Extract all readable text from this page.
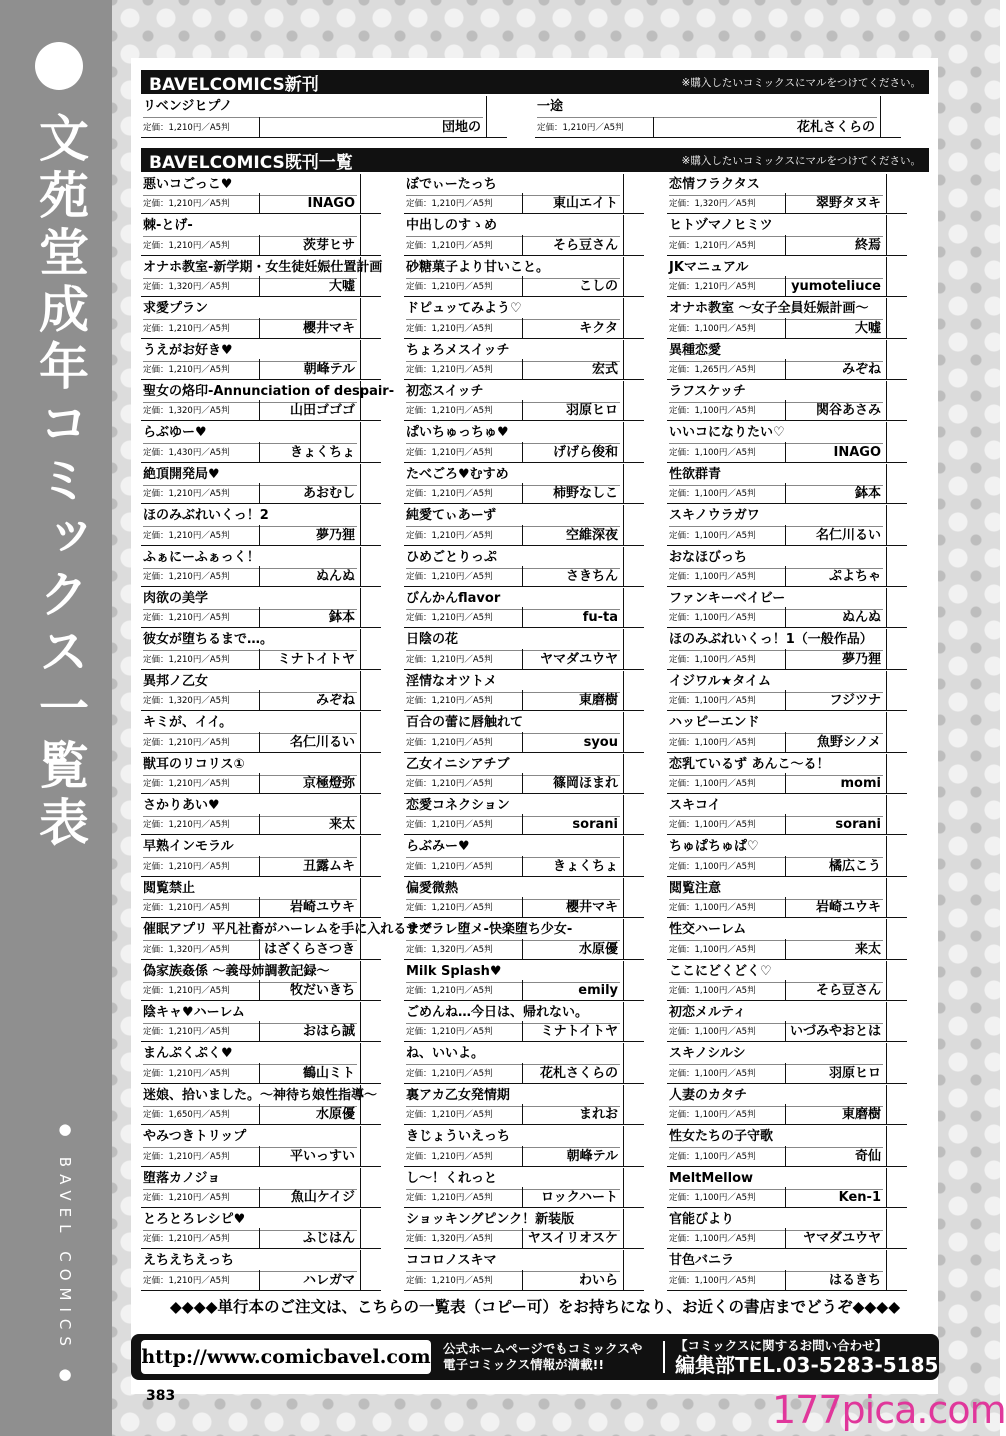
文苑堂成年コミックス一覧表
● BAVEL COMICS ●
BAVELCOMICS新刊	※購入したいコミックスにマルをつけてください。
リベンジヒプノ
定価：1,210円／A5判	団地の
一途
定価：1,210円／A5判	花札さくらの
BAVELCOMICS既刊一覧	※購入したいコミックスにマルをつけてください。
悪いコごっこ♥
定価：1,210円／A5判	INAGO
棘-とげ-
定価：1,210円／A5判	茨芽ヒサ
オナホ教室-新学期・女生徒妊娠仕置計画
定価：1,320円／A5判	大嘘
求愛プラン
定価：1,210円／A5判	櫻井マキ
うえがお好き♥
定価：1,210円／A5判	朝峰テル
聖女の烙印-Annunciation of despair-
定価：1,320円／A5判	山田ゴゴゴ
らぶゆー♥
定価：1,430円／A5判	きょくちょ
絶頂開発局♥
定価：1,210円／A5判	あおむし
ほのみぶれいくっ！2
定価：1,210円／A5判	夢乃狸
ふぁにーふぁっく！
定価：1,210円／A5判	ぬんぬ
肉欲の美学
定価：1,210円／A5判	鉢本
彼女が堕ちるまで…。
定価：1,210円／A5判	ミナトイトヤ
異邦ノ乙女
定価：1,320円／A5判	みぞね
キミが、イイ。
定価：1,210円／A5判	名仁川るい
獣耳のリコリス①
定価：1,210円／A5判	京極燈弥
さかりあい♥
定価：1,210円／A5判	来太
早熟インモラル
定価：1,210円／A5判	丑露ムキ
閲覧禁止
定価：1,210円／A5判	岩崎ユウキ
催眠アプリ 平凡社畜がハーレムを手に入れるまで
定価：1,320円／A5判	はざくらさつき
偽家族姦係 〜義母姉調教記録〜
定価：1,210円／A5判	牧だいきち
陰キャ♥ハーレム
定価：1,210円／A5判	おはら誠
まんぷくぷく♥
定価：1,210円／A5判	鶴山ミト
迷娘、拾いました。〜神待ち娘性指導〜
定価：1,650円／A5判	水原優
やみつきトリップ
定価：1,210円／A5判	平いっすい
堕落カノジョ
定価：1,210円／A5判	魚山ケイジ
とろとろレシピ♥
定価：1,210円／A5判	ふじはん
えちえちえっち
定価：1,210円／A5判	ハレガマ
ぼでぃーたっち
定価：1,210円／A5判	東山エイト
中出しのすゝめ
定価：1,210円／A5判	そら豆さん
砂糖菓子より甘いこと。
定価：1,210円／A5判	こしの
ドピュッてみよう♡
定価：1,210円／A5判	キクタ
ちょろメスイッチ
定価：1,210円／A5判	宏式
初恋スイッチ
定価：1,210円／A5判	羽原ヒロ
ぱいちゅっちゅ♥
定価：1,210円／A5判	げげら俊和
たべごろ♥むすめ
定価：1,210円／A5判	柿野なしこ
純愛てぃあーず
定価：1,210円／A5判	空維深夜
ひめごとりっぷ
定価：1,210円／A5判	さきちん
びんかんflavor
定価：1,210円／A5判	fu-ta
日陰の花
定価：1,210円／A5判	ヤマダユウヤ
淫情なオツトメ
定価：1,210円／A5判	東磨樹
百合の蕾に唇触れて
定価：1,210円／A5判	syou
乙女イニシアチブ
定価：1,210円／A5判	篠岡ほまれ
恋愛コネクション
定価：1,210円／A5判	sorani
らぶみー♥
定価：1,210円／A5判	きょくちょ
偏愛微熱
定価：1,210円／A5判	櫻井マキ
サグラレ堕メ-快楽堕ち少女-
定価：1,320円／A5判	水原優
Milk Splash♥
定価：1,210円／A5判	emily
ごめんね…今日は、帰れない。
定価：1,210円／A5判	ミナトイトヤ
ね、いいよ。
定価：1,210円／A5判	花札さくらの
裏アカ乙女発情期
定価：1,210円／A5判	まれお
きじょういえっち
定価：1,210円／A5判	朝峰テル
し〜！くれっと
定価：1,210円／A5判	ロックハート
ショッキングピンク！新装版
定価：1,320円／A5判	ヤスイリオスケ
ココロノスキマ
定価：1,210円／A5判	わいら
恋情フラクタス
定価：1,320円／A5判	翠野タヌキ
ヒトヅマノヒミツ
定価：1,210円／A5判	終焉
JKマニュアル
定価：1,210円／A5判	yumoteliuce
オナホ教室 〜女子全員妊娠計画〜
定価：1,100円／A5判	大嘘
異種恋愛
定価：1,265円／A5判	みぞね
ラフスケッチ
定価：1,100円／A5判	関谷あさみ
いいコになりたい♡
定価：1,100円／A5判	INAGO
性欲群青
定価：1,100円／A5判	鉢本
スキノウラガワ
定価：1,100円／A5判	名仁川るい
おなほびっち
定価：1,100円／A5判	ぷよちゃ
ファンキーベイビー
定価：1,100円／A5判	ぬんぬ
ほのみぶれいくっ！1（一般作品）
定価：1,100円／A5判	夢乃狸
イジワル★タイム
定価：1,100円／A5判	フジツナ
ハッピーエンド
定価：1,100円／A5判	魚野シノメ
恋乳ているず あんこ〜る！
定価：1,100円／A5判	momi
スキコイ
定価：1,100円／A5判	sorani
ちゅぱちゅぱ♡
定価：1,100円／A5判	橘広こう
閲覧注意
定価：1,100円／A5判	岩崎ユウキ
性交ハーレム
定価：1,100円／A5判	来太
ここにどくどく♡
定価：1,100円／A5判	そら豆さん
初恋メルティ
定価：1,100円／A5判	いづみやおとは
スキノシルシ
定価：1,100円／A5判	羽原ヒロ
人妻のカタチ
定価：1,100円／A5判	東磨樹
性女たちの子守歌
定価：1,100円／A5判	奇仙
MeltMellow
定価：1,100円／A5判	Ken-1
官能びより
定価：1,100円／A5判	ヤマダユウヤ
甘色バニラ
定価：1,100円／A5判	はるきち
◆◆◆◆単行本のご注文は、こちらの一覧表（コピー可）をお持ちになり、お近くの書店までどうぞ◆◆◆◆
http://www.comicbavel.com 公式ホームページでもコミックスや電子コミックス情報が満載!!
【コミックスに関するお問い合わせ】
編集部TEL.03-5283-5185
383	177pica.com
